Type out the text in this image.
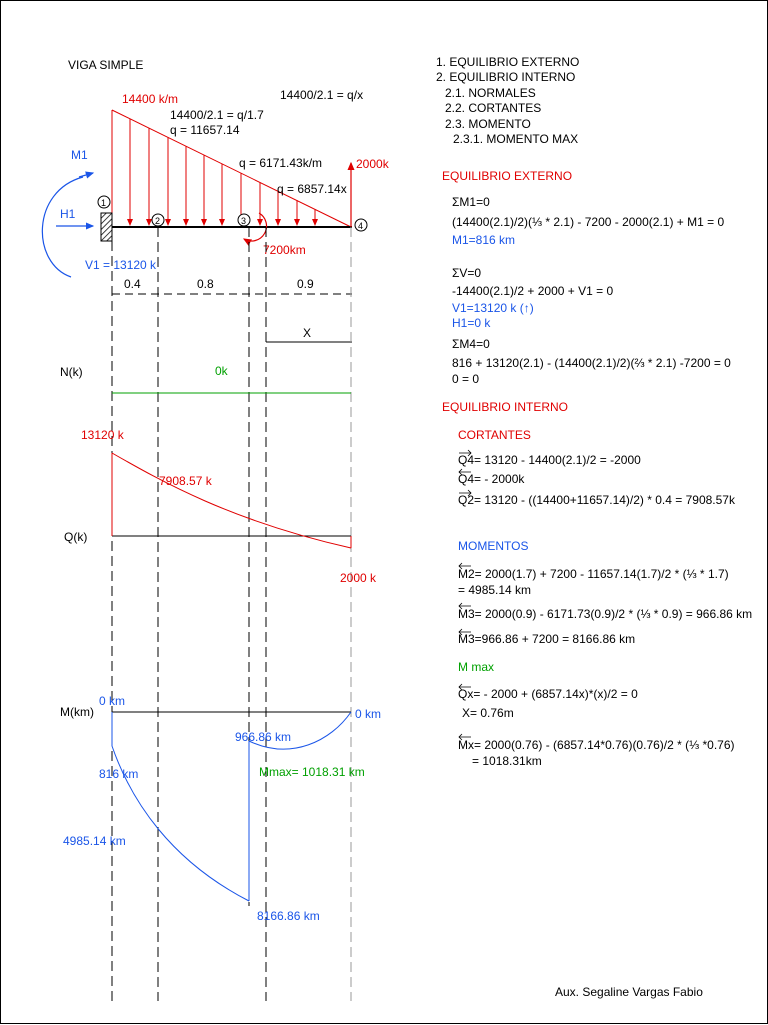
VIGA SIMPLE
1
2	3	4
14400 k/m	14400/2.1 = q/x
14400/2.1 = q/1.7
q = 11657.14
q = 6171.43k/m
q = 6857.14x
2000k
7200km
M1
H1
V1 = 13120 k
0.4	0.8	0.9
X
N(k)	0k
Q(k)
13120 k
7908.57 k
2000 k
M(km)
0 km
0 km
816 km
4985.14 km
966.86 km
8166.86 km
Mmax= 1018.31 km
1. EQUILIBRIO EXTERNO
2. EQUILIBRIO INTERNO
2.1. NORMALES
2.2. CORTANTES
2.3. MOMENTO
2.3.1. MOMENTO MAX
EQUILIBRIO EXTERNO
ΣM1=0
(14400(2.1)/2)(⅓ * 2.1) - 7200 - 2000(2.1) + M1 = 0
M1=816 km
ΣV=0
-14400(2.1)/2 + 2000 + V1 = 0
V1=13120 k (↑)
H1=0 k
ΣM4=0
816 + 13120(2.1) - (14400(2.1)/2)(⅔ * 2.1) -7200 = 0
0 = 0
EQUILIBRIO INTERNO
CORTANTES
Q4= 13120 - 14400(2.1)/2 = -2000
Q4= - 2000k
Q2= 13120 - ((14400+11657.14)/2) * 0.4 = 7908.57k
MOMENTOS
M2= 2000(1.7) + 7200 - 11657.14(1.7)/2 * (⅓ * 1.7)
= 4985.14 km
M3= 2000(0.9) - 6171.73(0.9)/2 * (⅓ * 0.9) = 966.86 km
M3=966.86 + 7200 = 8166.86 km
M max
Qx= - 2000 + (6857.14x)*(x)/2 = 0
X= 0.76m
Mx= 2000(0.76) - (6857.14*0.76)(0.76)/2 * (⅓ *0.76)
= 1018.31km
Aux. Segaline Vargas Fabio
